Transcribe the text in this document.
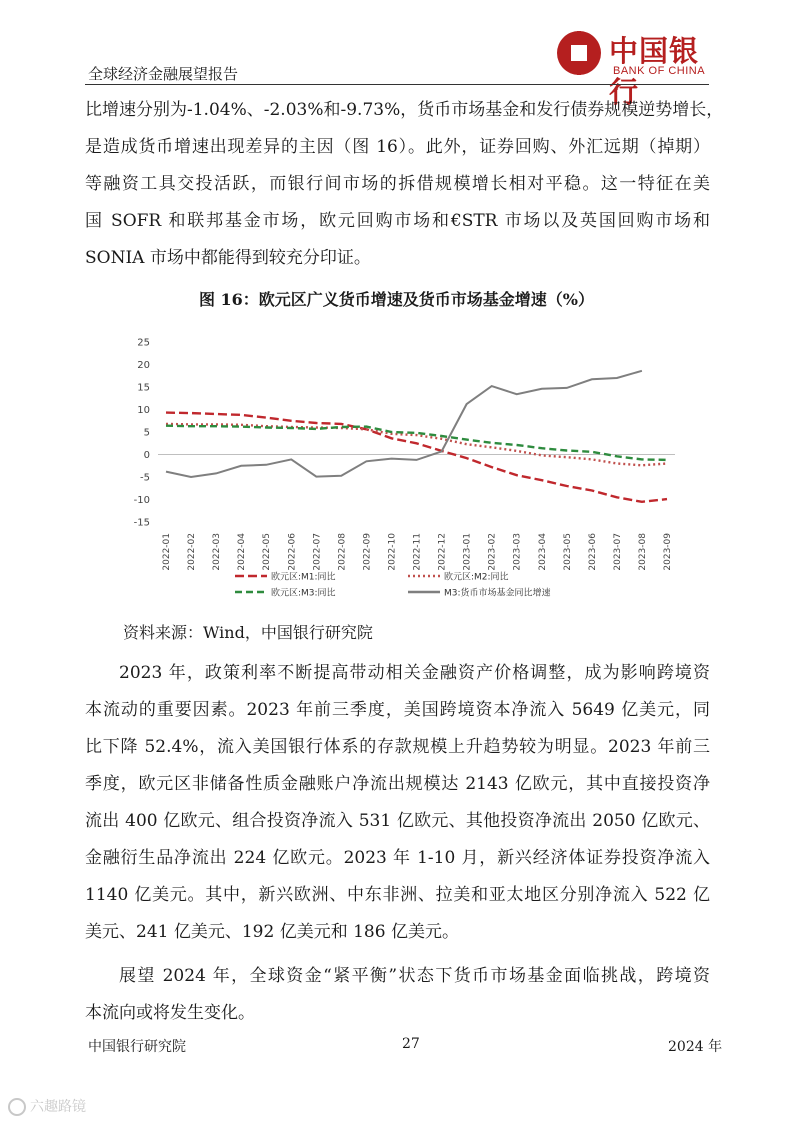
全球经济金融展望报告
中国银行
BANK OF CHINA
比增速分别为-1.04%、-2.03%和-9.73%，货币市场基金和发行债券规模逆势增长，
是造成货币增速出现差异的主因（图 16）。此外，证券回购、外汇远期（掉期）
等融资工具交投活跃，而银行间市场的拆借规模增长相对平稳。这一特征在美
国 SOFR 和联邦基金市场，欧元回购市场和€STR 市场以及英国回购市场和
SONIA 市场中都能得到较充分印证。
图 16：欧元区广义货币增速及货币市场基金增速（%）
25
20
15
10
5
0
-5
-10
-15
2022-01 2022-02 2022-03 2022-04 2022-05 2022-06 2022-07 2022-08 2022-09 2022-10 2022-11 2022-12 2023-01 2023-02 2023-03 2023-04 2023-05 2023-06 2023-07 2023-08 2023-09
欧元区:M1:同比	欧元区:M2:同比
欧元区:M3:同比	M3:货币市场基金同比增速
资料来源：Wind，中国银行研究院
2023 年，政策利率不断提高带动相关金融资产价格调整，成为影响跨境资
本流动的重要因素。2023 年前三季度，美国跨境资本净流入 5649 亿美元，同
比下降 52.4%，流入美国银行体系的存款规模上升趋势较为明显。2023 年前三
季度，欧元区非储备性质金融账户净流出规模达 2143 亿欧元，其中直接投资净
流出 400 亿欧元、组合投资净流入 531 亿欧元、其他投资净流出 2050 亿欧元、
金融衍生品净流出 224 亿欧元。2023 年 1-10 月，新兴经济体证券投资净流入
1140 亿美元。其中，新兴欧洲、中东非洲、拉美和亚太地区分别净流入 522 亿
美元、241 亿美元、192 亿美元和 186 亿美元。
展望 2024 年，全球资金“紧平衡”状态下货币市场基金面临挑战，跨境资
本流向或将发生变化。
中国银行研究院	27	2024 年
六趣路镜
